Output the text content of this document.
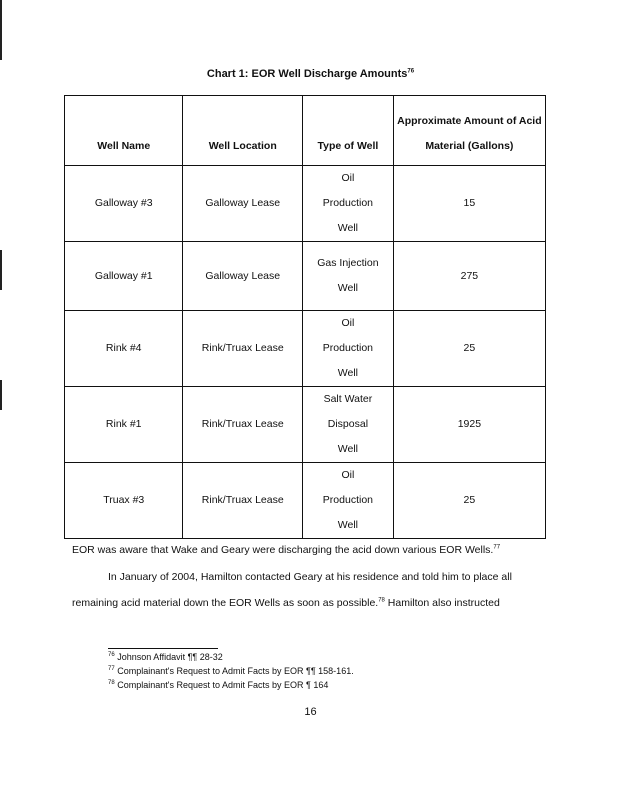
Chart 1: EOR Well Discharge Amounts$^{76}$
Well Name	Well Location	Type of Well	Approximate Amount of Acid Material (Gallons)
Galloway #3	Galloway Lease	Oil Production Well	15
Galloway #1	Galloway Lease	Gas Injection Well	275
Rink #4	Rink/Truax Lease	Oil Production Well	25
Rink #1	Rink/Truax Lease	Salt Water Disposal Well	1925
Truax #3	Rink/Truax Lease	Oil Production Well	25
EOR was aware that Wake and Geary were discharging the acid down various EOR Wells.$^{77}$
In January of 2004, Hamilton contacted Geary at his residence and told him to place all
remaining acid material down the EOR Wells as soon as possible.$^{78}$ Hamilton also instructed
$^{76}$ Johnson Affidavit ¶¶ 28-32
$^{77}$ Complainant's Request to Admit Facts by EOR ¶¶ 158-161.
$^{78}$ Complainant's Request to Admit Facts by EOR ¶ 164
16
